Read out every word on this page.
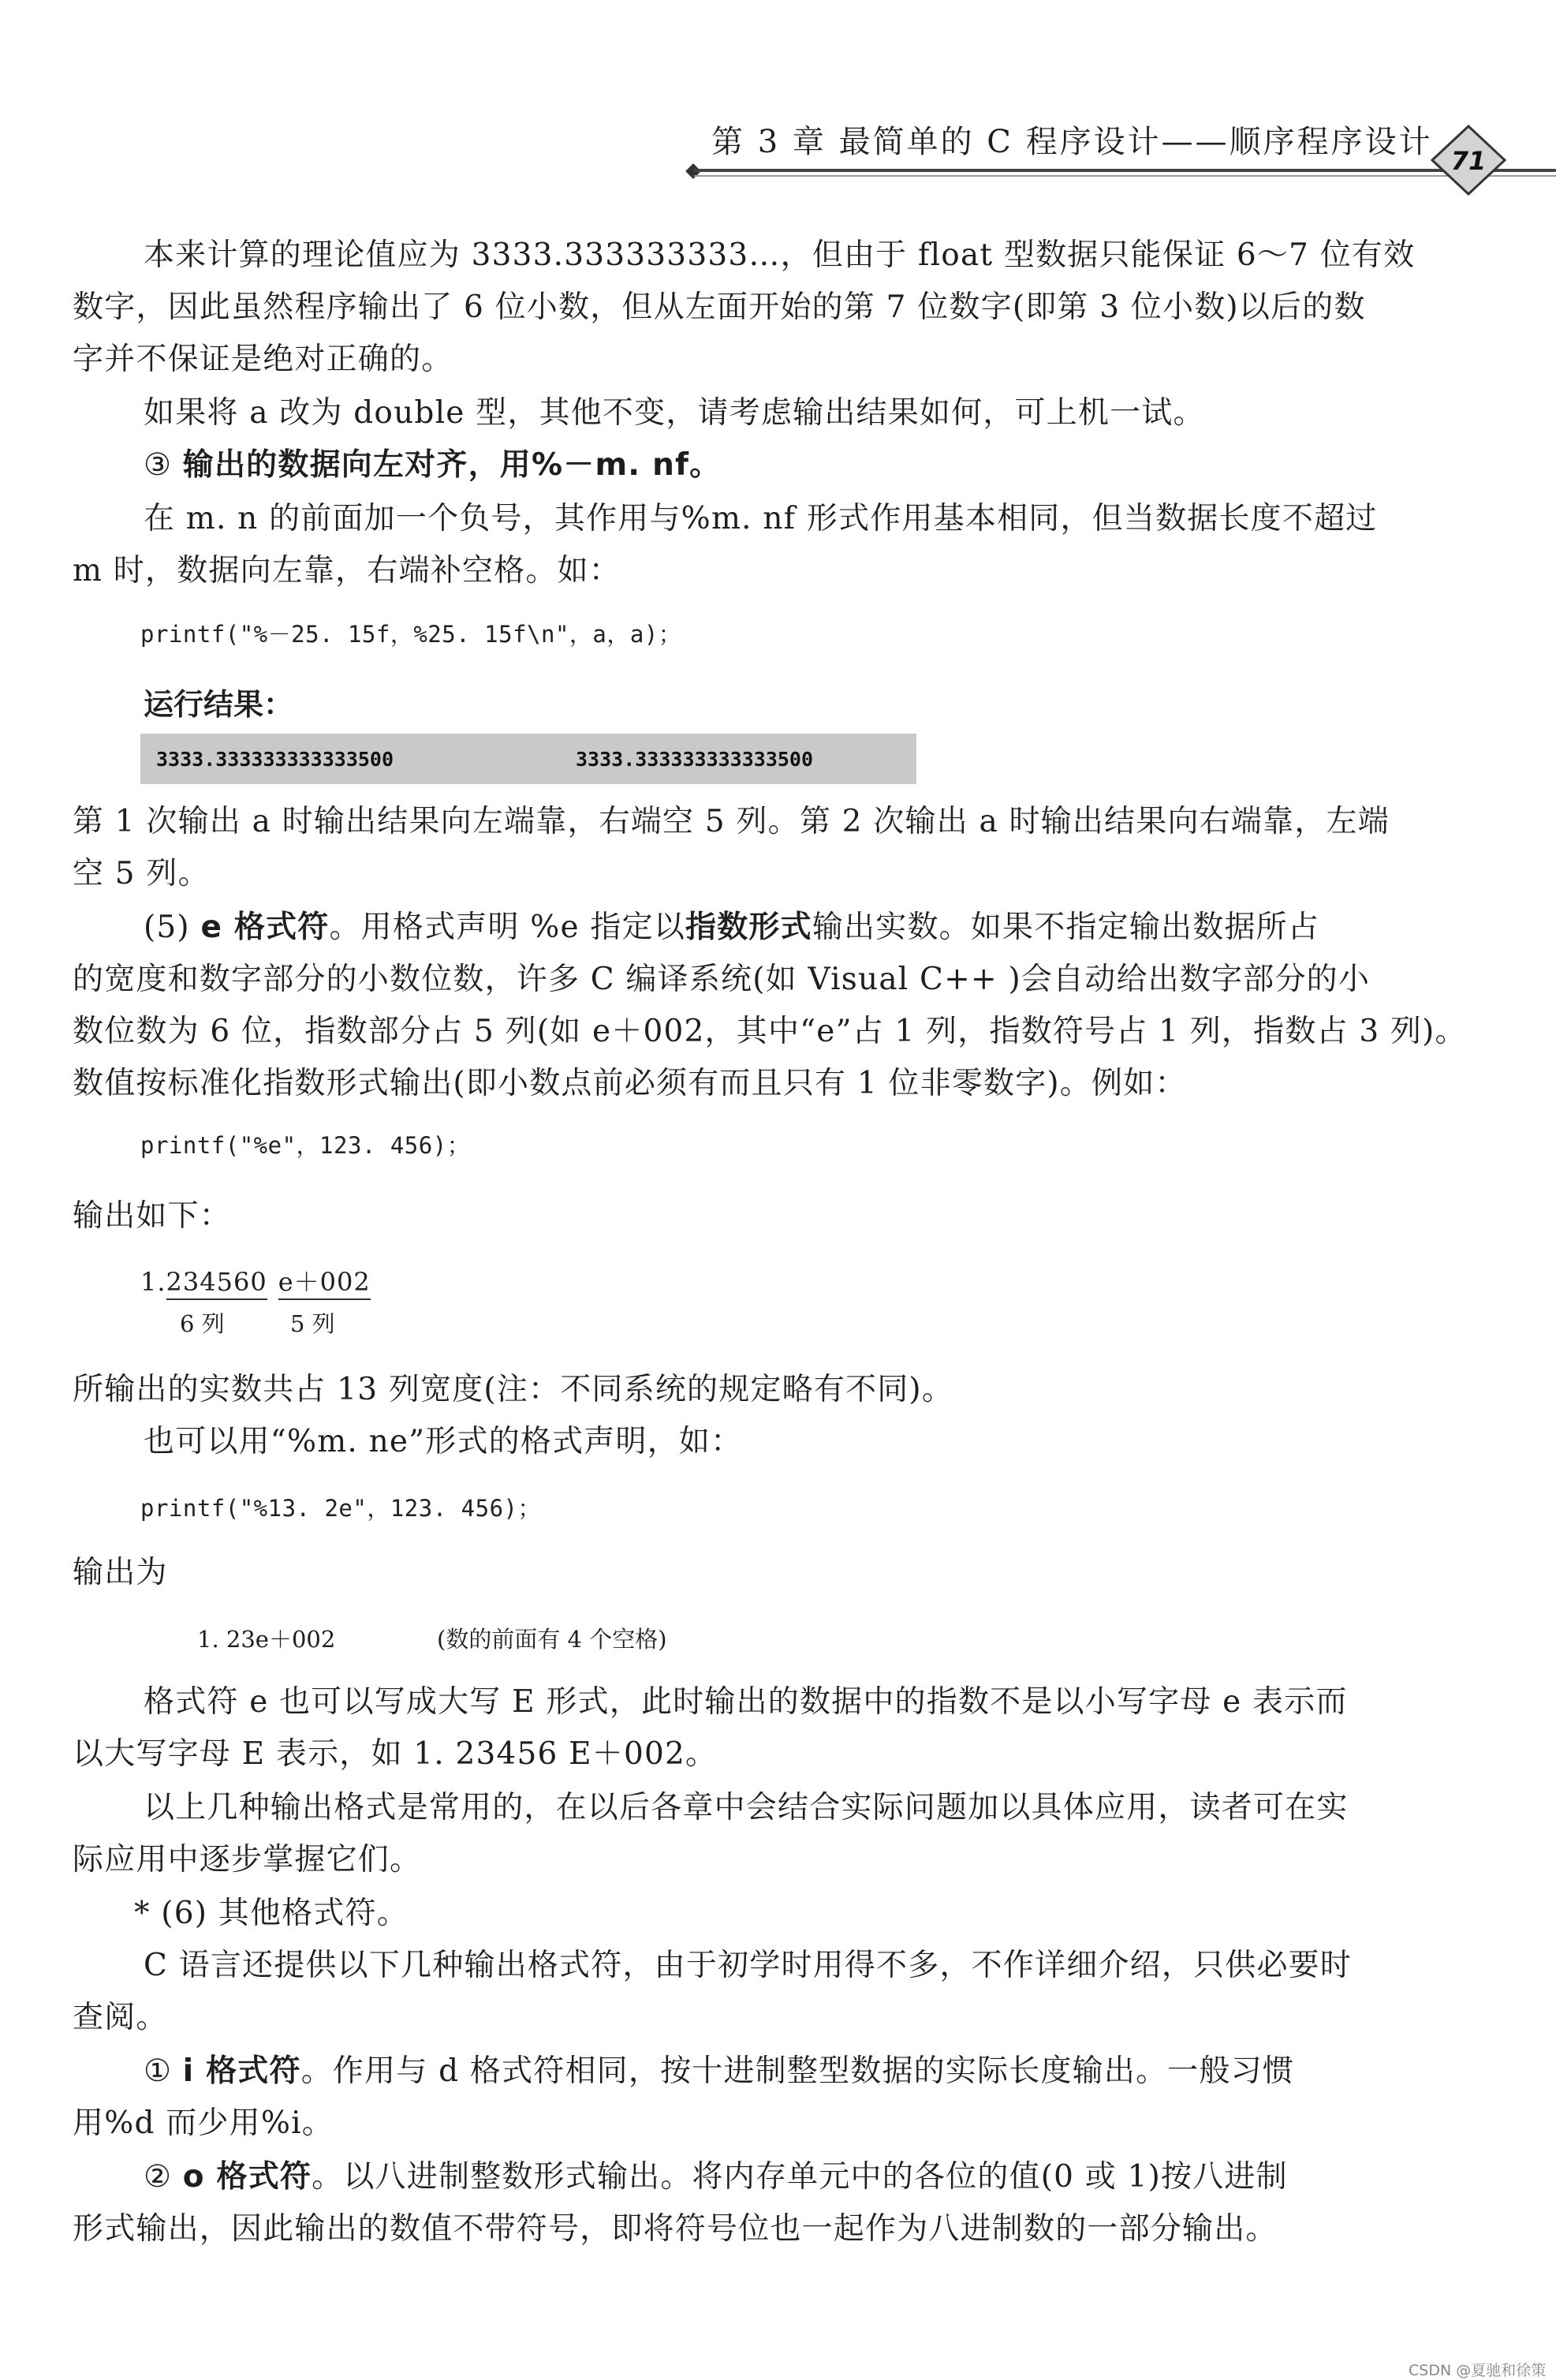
第 3 章 最简单的 C 程序设计——顺序程序设计
71
本来计算的理论值应为 3333.333333333…，但由于 float 型数据只能保证 6～7 位有效
数字，因此虽然程序输出了 6 位小数，但从左面开始的第 7 位数字(即第 3 位小数)以后的数
字并不保证是绝对正确的。
如果将 a 改为 double 型，其他不变，请考虑输出结果如何，可上机一试。
③ 输出的数据向左对齐，用%－m. nf。
在 m. n 的前面加一个负号，其作用与%m. nf 形式作用基本相同，但当数据长度不超过
m 时，数据向左靠，右端补空格。如：
printf("%－25. 15f，%25. 15f\n"，a，a)；
运行结果：
3333.333333333333500	3333.333333333333500
第 1 次输出 a 时输出结果向左端靠，右端空 5 列。第 2 次输出 a 时输出结果向右端靠，左端
空 5 列。
(5) e 格式符。用格式声明 %e 指定以指数形式输出实数。如果不指定输出数据所占
的宽度和数字部分的小数位数，许多 C 编译系统(如 Visual C++ )会自动给出数字部分的小
数位数为 6 位，指数部分占 5 列(如 e＋002，其中“e”占 1 列，指数符号占 1 列，指数占 3 列)。
数值按标准化指数形式输出(即小数点前必须有而且只有 1 位非零数字)。例如：
printf("%e"，123. 456)；
输出如下：
1.234560 e＋002
6 列	5 列
所输出的实数共占 13 列宽度(注：不同系统的规定略有不同)。
也可以用“%m. ne”形式的格式声明，如：
printf("%13. 2e"，123. 456)；
输出为
1. 23e＋002	(数的前面有 4 个空格)
格式符 e 也可以写成大写 E 形式，此时输出的数据中的指数不是以小写字母 e 表示而
以大写字母 E 表示，如 1. 23456 E＋002。
以上几种输出格式是常用的，在以后各章中会结合实际问题加以具体应用，读者可在实
际应用中逐步掌握它们。
* (6) 其他格式符。
C 语言还提供以下几种输出格式符，由于初学时用得不多，不作详细介绍，只供必要时
查阅。
① i 格式符。作用与 d 格式符相同，按十进制整型数据的实际长度输出。一般习惯
用%d 而少用%i。
② o 格式符。以八进制整数形式输出。将内存单元中的各位的值(0 或 1)按八进制
形式输出，因此输出的数值不带符号，即将符号位也一起作为八进制数的一部分输出。
CSDN @夏驰和徐策
